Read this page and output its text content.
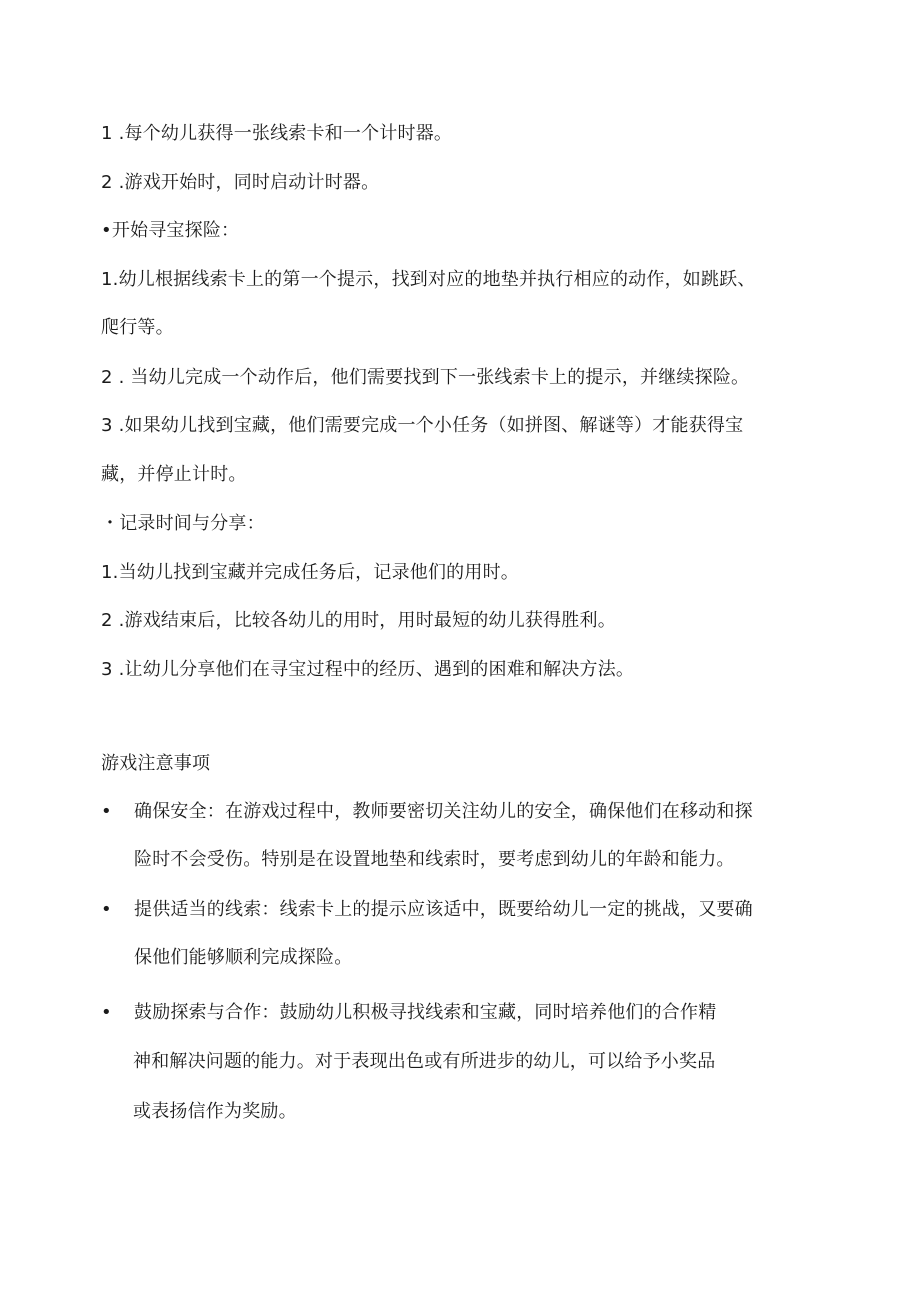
1 .每个幼儿获得一张线索卡和一个计时器。
2 .游戏开始时，同时启动计时器。
•开始寻宝探险：
1.幼儿根据线索卡上的第一个提示，找到对应的地垫并执行相应的动作，如跳跃、
爬行等。
2 . 当幼儿完成一个动作后，他们需要找到下一张线索卡上的提示，并继续探险。
3 .如果幼儿找到宝藏，他们需要完成一个小任务（如拼图、解谜等）才能获得宝
藏，并停止计时。
・记录时间与分享：
1.当幼儿找到宝藏并完成任务后，记录他们的用时。
2 .游戏结束后，比较各幼儿的用时，用时最短的幼儿获得胜利。
3 .让幼儿分享他们在寻宝过程中的经历、遇到的困难和解决方法。
游戏注意事项
• 确保安全：在游戏过程中，教师要密切关注幼儿的安全，确保他们在移动和探
险时不会受伤。特别是在设置地垫和线索时，要考虑到幼儿的年龄和能力。
• 提供适当的线索：线索卡上的提示应该适中，既要给幼儿一定的挑战，又要确
保他们能够顺利完成探险。
• 鼓励探索与合作：鼓励幼儿积极寻找线索和宝藏，同时培养他们的合作精
神和解决问题的能力。对于表现出色或有所进步的幼儿，可以给予小奖品
或表扬信作为奖励。
